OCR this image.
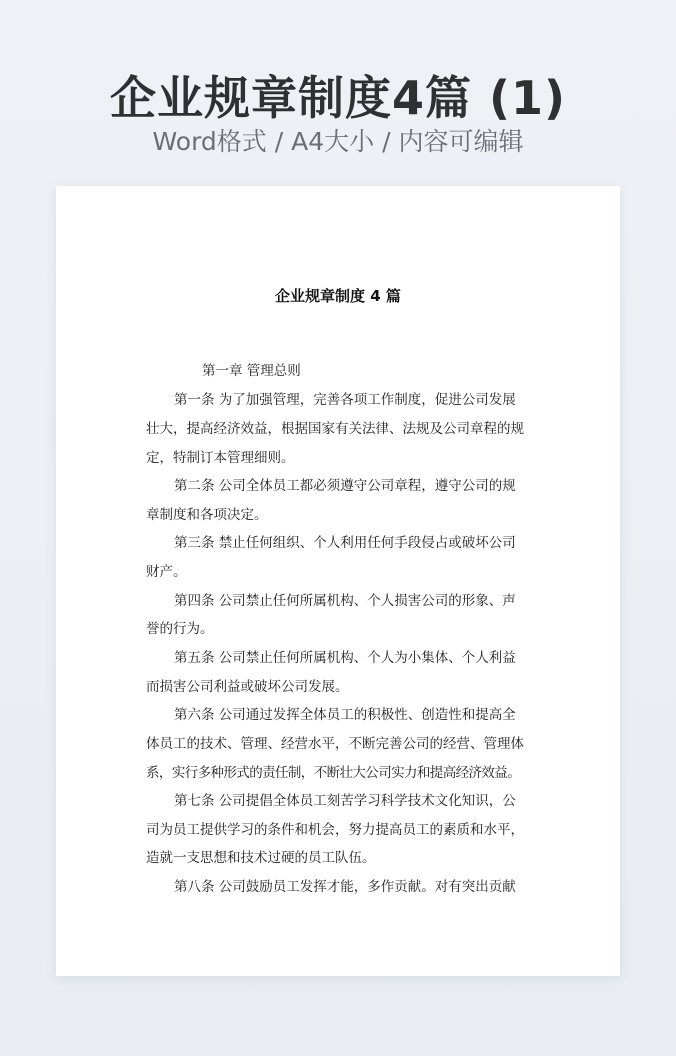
企业规章制度4篇 (1)
Word格式 / A4大小 / 内容可编辑
企业规章制度 4 篇
第一章 管理总则
第一条 为了加强管理，完善各项工作制度，促进公司发展
壮大，提高经济效益，根据国家有关法律、法规及公司章程的规
定，特制订本管理细则。
第二条 公司全体员工都必须遵守公司章程，遵守公司的规
章制度和各项决定。
第三条 禁止任何组织、个人利用任何手段侵占或破坏公司
财产。
第四条 公司禁止任何所属机构、个人损害公司的形象、声
誉的行为。
第五条 公司禁止任何所属机构、个人为小集体、个人利益
而损害公司利益或破坏公司发展。
第六条 公司通过发挥全体员工的积极性、创造性和提高全
体员工的技术、管理、经营水平，不断完善公司的经营、管理体
系，实行多种形式的责任制，不断壮大公司实力和提高经济效益。
第七条 公司提倡全体员工刻苦学习科学技术文化知识，公
司为员工提供学习的条件和机会，努力提高员工的素质和水平，
造就一支思想和技术过硬的员工队伍。
第八条 公司鼓励员工发挥才能，多作贡献。对有突出贡献
